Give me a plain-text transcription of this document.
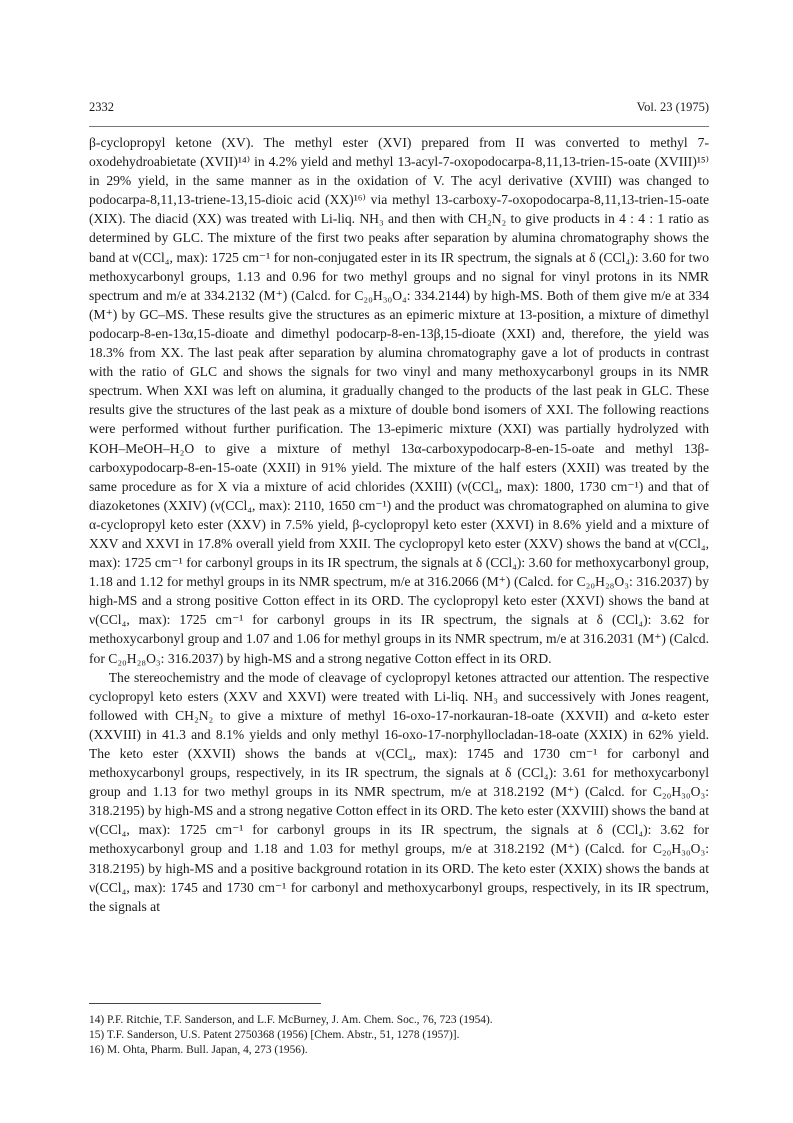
2332	Vol. 23 (1975)

β-cyclopropyl ketone (XV). The methyl ester (XVI) prepared from II was converted to methyl 7-oxodehydroabietate (XVII)¹⁴⁾ in 4.2% yield and methyl 13-acyl-7-oxopodocarpa-8,11,13-trien-15-oate (XVIII)¹⁵⁾ in 29% yield, in the same manner as in the oxidation of V. The acyl derivative (XVIII) was changed to podocarpa-8,11,13-triene-13,15-dioic acid (XX)¹⁶⁾ via methyl 13-carboxy-7-oxopodocarpa-8,11,13-trien-15-oate (XIX). The diacid (XX) was treated with Li-liq. NH₃ and then with CH₂N₂ to give products in 4 : 4 : 1 ratio as determined by GLC. The mixture of the first two peaks after separation by alumina chromatography shows the band at ν(CCl₄, max): 1725 cm⁻¹ for non-conjugated ester in its IR spectrum, the signals at δ (CCl₄): 3.60 for two methoxycarbonyl groups, 1.13 and 0.96 for two methyl groups and no signal for vinyl protons in its NMR spectrum and m/e at 334.2132 (M⁺) (Calcd. for C₂₀H₃₀O₄: 334.2144) by high-MS. Both of them give m/e at 334 (M⁺) by GC–MS. These results give the structures as an epimeric mixture at 13-position, a mixture of dimethyl podocarp-8-en-13α,15-dioate and dimethyl podocarp-8-en-13β,15-dioate (XXI) and, therefore, the yield was 18.3% from XX. The last peak after separation by alumina chromatography gave a lot of products in contrast with the ratio of GLC and shows the signals for two vinyl and many methoxycarbonyl groups in its NMR spectrum. When XXI was left on alumina, it gradually changed to the products of the last peak in GLC. These results give the structures of the last peak as a mixture of double bond isomers of XXI. The following reactions were performed without further purification. The 13-epimeric mixture (XXI) was partially hydrolyzed with KOH–MeOH–H₂O to give a mixture of methyl 13α-carboxypodocarp-8-en-15-oate and methyl 13β-carboxypodocarp-8-en-15-oate (XXII) in 91% yield. The mixture of the half esters (XXII) was treated by the same procedure as for X via a mixture of acid chlorides (XXIII) (ν(CCl₄, max): 1800, 1730 cm⁻¹) and that of diazoketones (XXIV) (ν(CCl₄, max): 2110, 1650 cm⁻¹) and the product was chromatographed on alumina to give α-cyclopropyl keto ester (XXV) in 7.5% yield, β-cyclopropyl keto ester (XXVI) in 8.6% yield and a mixture of XXV and XXVI in 17.8% overall yield from XXII. The cyclopropyl keto ester (XXV) shows the band at ν(CCl₄, max): 1725 cm⁻¹ for carbonyl groups in its IR spectrum, the signals at δ (CCl₄): 3.60 for methoxycarbonyl group, 1.18 and 1.12 for methyl groups in its NMR spectrum, m/e at 316.2066 (M⁺) (Calcd. for C₂₀H₂₈O₃: 316.2037) by high-MS and a strong positive Cotton effect in its ORD. The cyclopropyl keto ester (XXVI) shows the band at ν(CCl₄, max): 1725 cm⁻¹ for carbonyl groups in its IR spectrum, the signals at δ (CCl₄): 3.62 for methoxycarbonyl group and 1.07 and 1.06 for methyl groups in its NMR spectrum, m/e at 316.2031 (M⁺) (Calcd. for C₂₀H₂₈O₃: 316.2037) by high-MS and a strong negative Cotton effect in its ORD.

The stereochemistry and the mode of cleavage of cyclopropyl ketones attracted our attention. The respective cyclopropyl keto esters (XXV and XXVI) were treated with Li-liq. NH₃ and successively with Jones reagent, followed with CH₂N₂ to give a mixture of methyl 16-oxo-17-norkauran-18-oate (XXVII) and α-keto ester (XXVIII) in 41.3 and 8.1% yields and only methyl 16-oxo-17-norphyllocladan-18-oate (XXIX) in 62% yield. The keto ester (XXVII) shows the bands at ν(CCl₄, max): 1745 and 1730 cm⁻¹ for carbonyl and methoxycarbonyl groups, respectively, in its IR spectrum, the signals at δ (CCl₄): 3.61 for methoxycarbonyl group and 1.13 for two methyl groups in its NMR spectrum, m/e at 318.2192 (M⁺) (Calcd. for C₂₀H₃₀O₃: 318.2195) by high-MS and a strong negative Cotton effect in its ORD. The keto ester (XXVIII) shows the band at ν(CCl₄, max): 1725 cm⁻¹ for carbonyl groups in its IR spectrum, the signals at δ (CCl₄): 3.62 for methoxycarbonyl group and 1.18 and 1.03 for methyl groups, m/e at 318.2192 (M⁺) (Calcd. for C₂₀H₃₀O₃: 318.2195) by high-MS and a positive background rotation in its ORD. The keto ester (XXIX) shows the bands at ν(CCl₄, max): 1745 and 1730 cm⁻¹ for carbonyl and methoxycarbonyl groups, respectively, in its IR spectrum, the signals at

14) P.F. Ritchie, T.F. Sanderson, and L.F. McBurney, J. Am. Chem. Soc., 76, 723 (1954).

15) T.F. Sanderson, U.S. Patent 2750368 (1956) [Chem. Abstr., 51, 1278 (1957)].

16) M. Ohta, Pharm. Bull. Japan, 4, 273 (1956).
